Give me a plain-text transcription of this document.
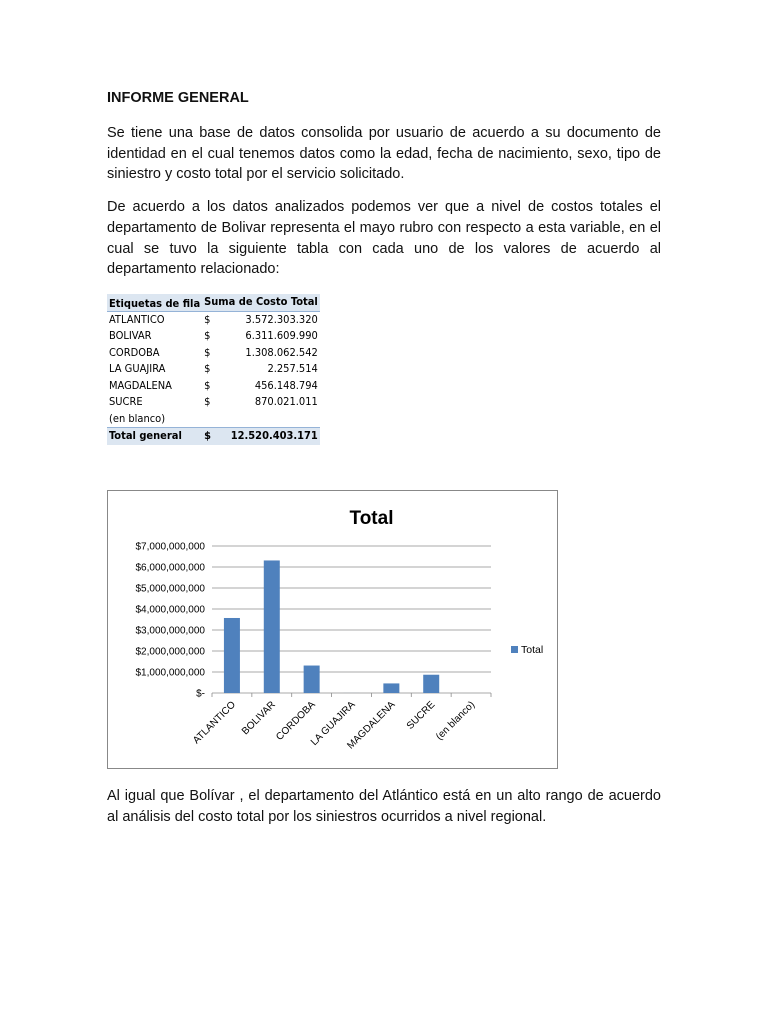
INFORME GENERAL

Se tiene una base de datos consolida por usuario de acuerdo a su documento de identidad en el cual tenemos datos como la edad, fecha de nacimiento, sexo, tipo de siniestro y costo total por el servicio solicitado.

De acuerdo a los datos analizados podemos ver que a nivel de costos totales el departamento de Bolivar representa el mayo rubro con respecto a esta variable, en el cual se tuvo la siguiente tabla con cada uno de los valores de acuerdo al departamento relacionado:

Etiquetas de fila	Suma de Costo Total	
ATLANTICO	$	3.572.303.320
BOLIVAR	$	6.311.609.990
CORDOBA	$	1.308.062.542
LA GUAJIRA	$	2.257.514
MAGDALENA	$	456.148.794
SUCRE	$	870.021.011
(en blanco)		
Total general	$	12.520.403.171
Total
$-
$1,000,000,000
$2,000,000,000
$3,000,000,000
$4,000,000,000
$5,000,000,000
$6,000,000,000
$7,000,000,000
ATLANTICO BOLIVAR
CORDOBA
LA GUAJIRA
MAGDALENA SUCRE
(en blanco)
Total

Al igual que Bolívar , el departamento del Atlántico está en un alto rango de acuerdo al análisis del costo total por los siniestros ocurridos a nivel regional.
